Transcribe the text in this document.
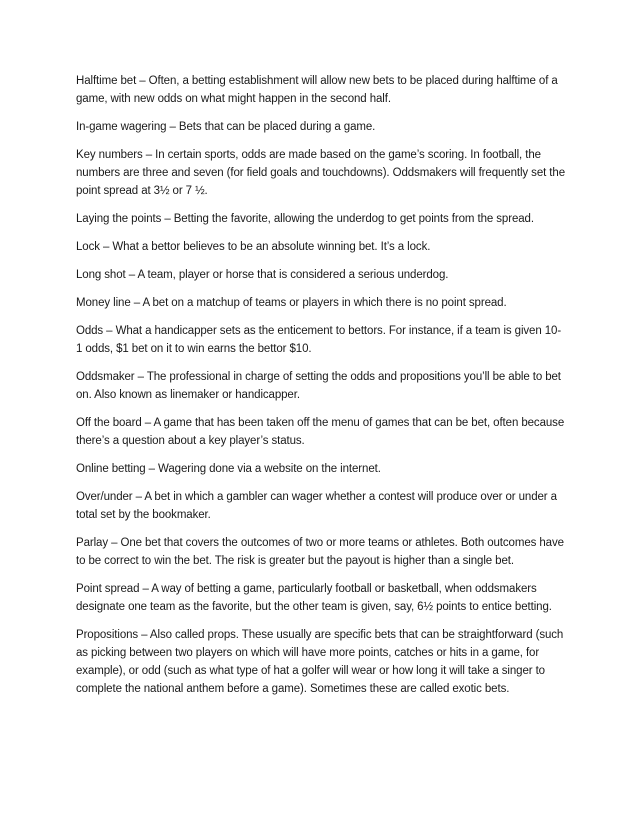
Halftime bet – Often, a betting establishment will allow new bets to be placed during halftime of a game, with new odds on what might happen in the second half.

In-game wagering – Bets that can be placed during a game.

Key numbers – In certain sports, odds are made based on the game’s scoring. In football, the numbers are three and seven (for field goals and touchdowns). Oddsmakers will frequently set the point spread at 3½ or 7 ½.

Laying the points – Betting the favorite, allowing the underdog to get points from the spread.

Lock – What a bettor believes to be an absolute winning bet. It’s a lock.

Long shot – A team, player or horse that is considered a serious underdog.

Money line – A bet on a matchup of teams or players in which there is no point spread.

Odds – What a handicapper sets as the enticement to bettors. For instance, if a team is given 10-1 odds, $1 bet on it to win earns the bettor $10.

Oddsmaker – The professional in charge of setting the odds and propositions you’ll be able to bet on. Also known as linemaker or handicapper.

Off the board – A game that has been taken off the menu of games that can be bet, often because there’s a question about a key player’s status.

Online betting – Wagering done via a website on the internet.

Over/under – A bet in which a gambler can wager whether a contest will produce over or under a total set by the bookmaker.

Parlay – One bet that covers the outcomes of two or more teams or athletes. Both outcomes have to be correct to win the bet. The risk is greater but the payout is higher than a single bet.

Point spread – A way of betting a game, particularly football or basketball, when oddsmakers designate one team as the favorite, but the other team is given, say, 6½ points to entice betting.

Propositions – Also called props. These usually are specific bets that can be straightforward (such as picking between two players on which will have more points, catches or hits in a game, for example), or odd (such as what type of hat a golfer will wear or how long it will take a singer to complete the national anthem before a game). Sometimes these are called exotic bets.
